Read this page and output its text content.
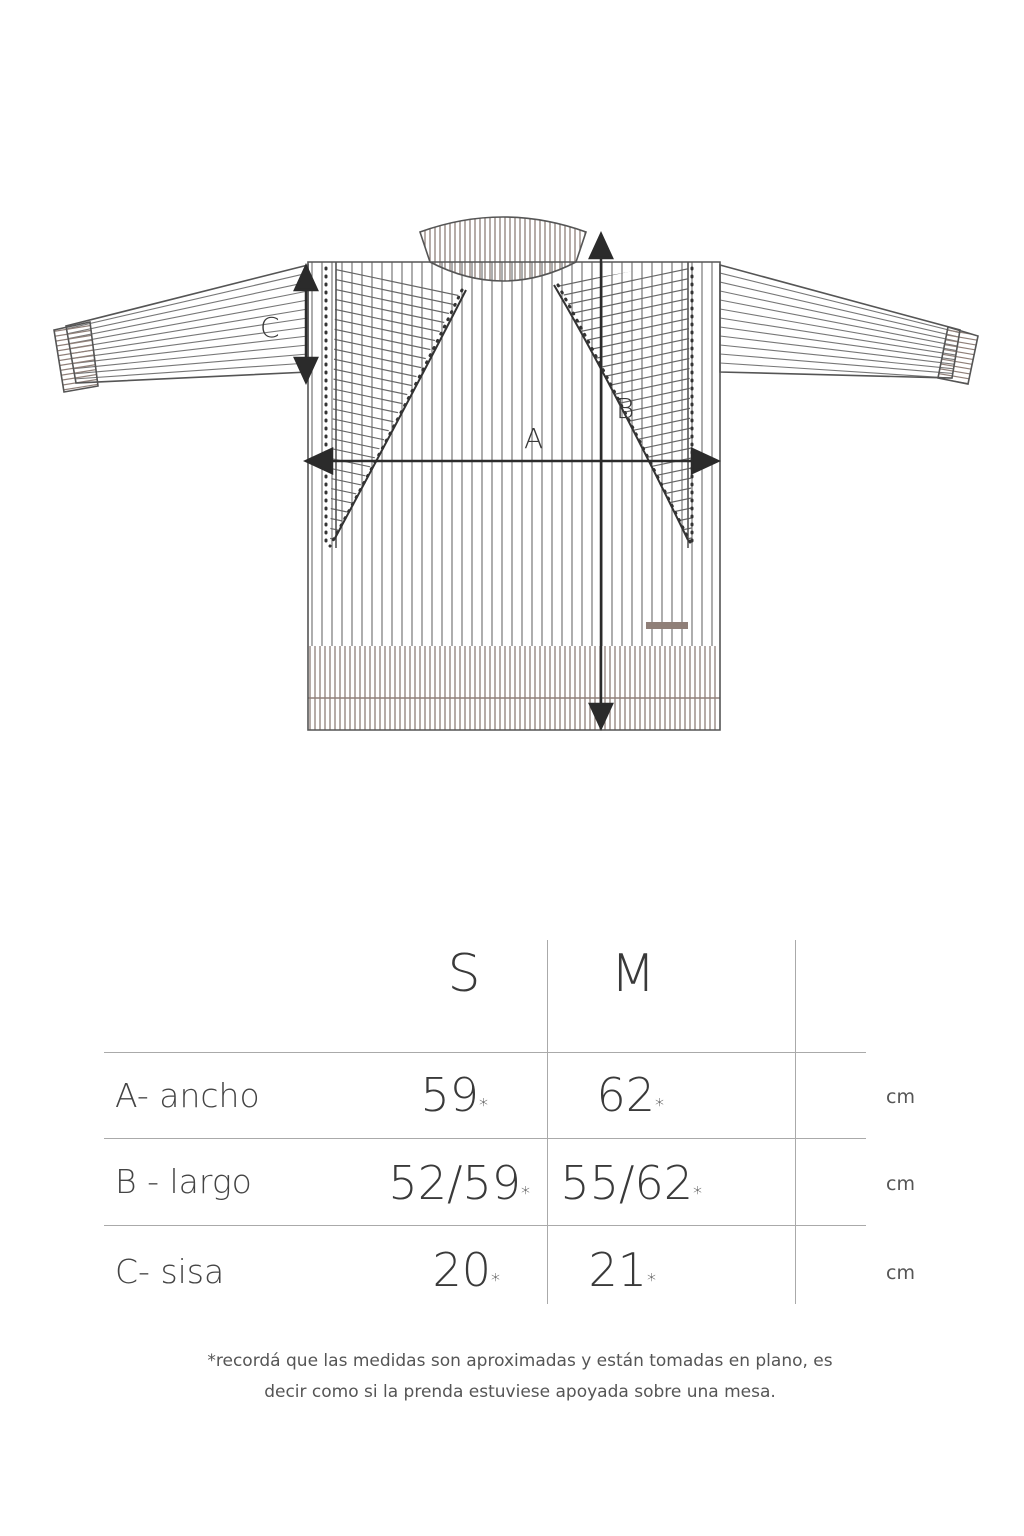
A
B
C
S	M
A- ancho	59*	62*	cm
B - largo	52/59* 55/62*	cm
C- sisa	20*	21*	cm
*recordá que las medidas son aproximadas y están tomadas en plano, es
decir como si la prenda estuviese apoyada sobre una mesa.
